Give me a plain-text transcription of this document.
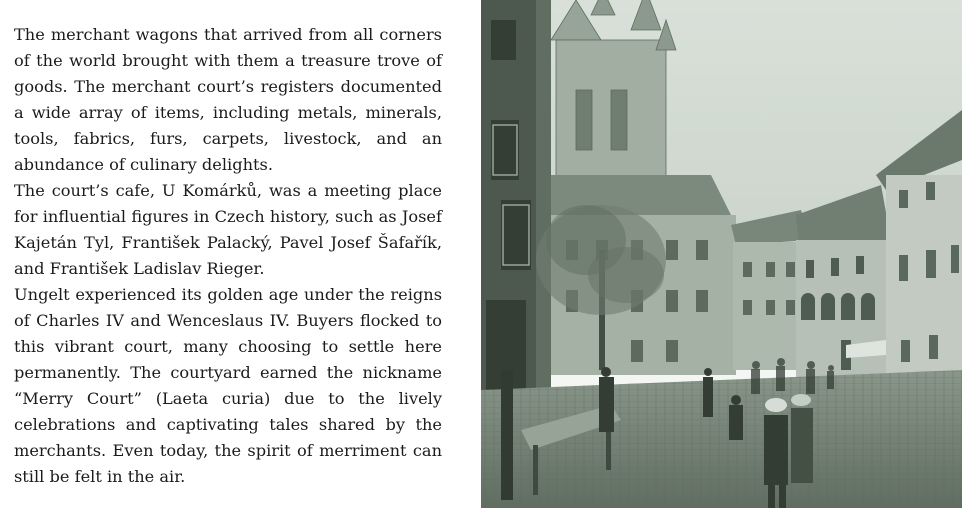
The merchant wagons that arrived from all corners of the world brought with them a treasure trove of goods. The merchant court’s registers documented a wide array of items, including metals, minerals, tools, fabrics, furs, carpets, livestock, and an abundance of culinary delights.

The court’s cafe, U Komárků, was a meeting place for influential figures in Czech history, such as Josef Kajetán Tyl, František Palacký, Pavel Josef Šafařík, and František Ladislav Rieger.

Ungelt experienced its golden age under the reigns of Charles IV and Wenceslaus IV. Buyers flocked to this vibrant court, many choosing to settle here permanently. The courtyard earned the nickname “Merry Court” (Laeta curia) due to the lively celebrations and captivating tales shared by the merchants. Even today, the spirit of merriment can still be felt in the air.
